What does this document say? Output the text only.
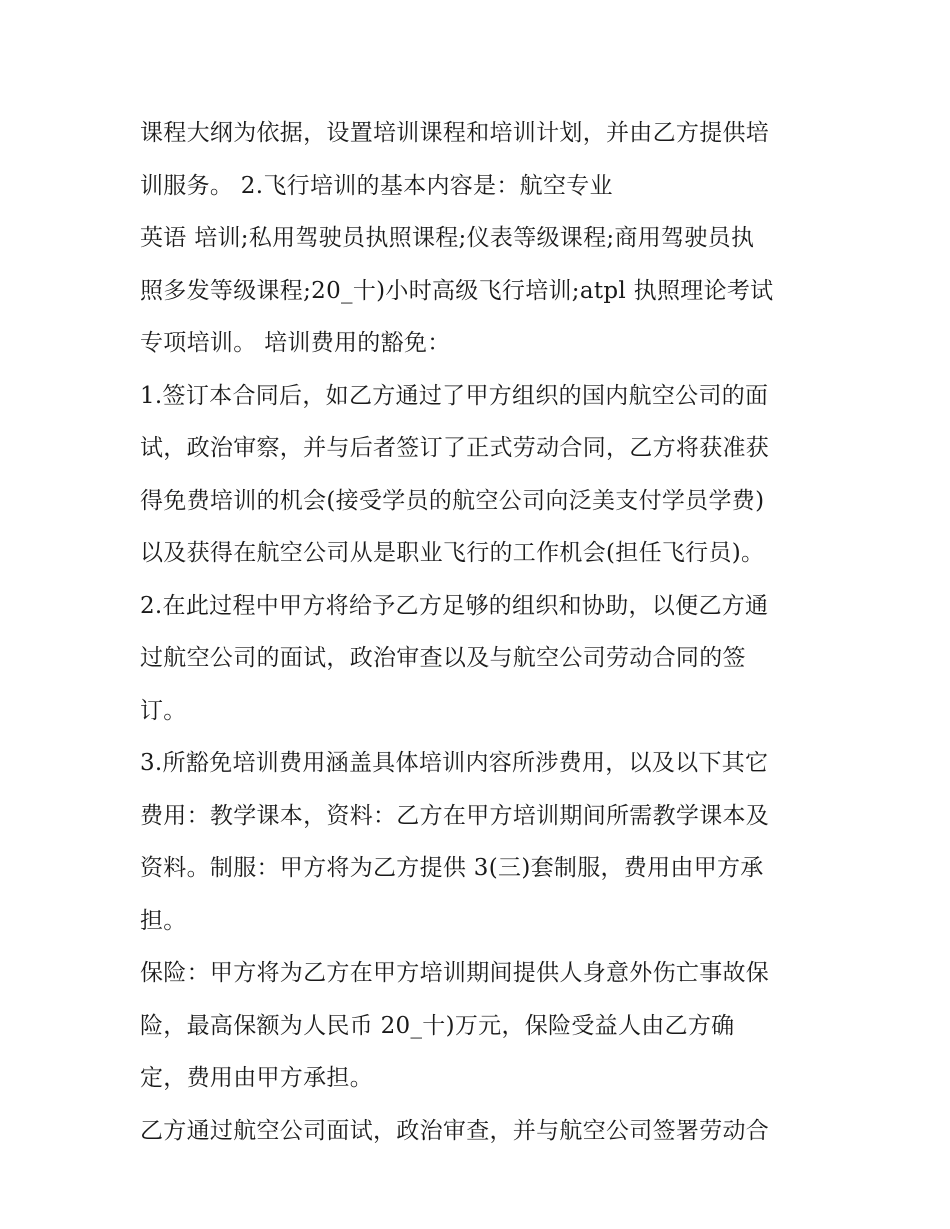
课程大纲为依据，设置培训课程和培训计划，并由乙方提供培
训服务。 2.飞行培训的基本内容是：航空专业
英语 培训;私用驾驶员执照课程;仪表等级课程;商用驾驶员执
照多发等级课程;20_十)小时高级飞行培训;atpl 执照理论考试
专项培训。 培训费用的豁免：
1.签订本合同后，如乙方通过了甲方组织的国内航空公司的面
试，政治审察，并与后者签订了正式劳动合同，乙方将获准获
得免费培训的机会(接受学员的航空公司向泛美支付学员学费)
以及获得在航空公司从是职业飞行的工作机会(担任飞行员)。
2.在此过程中甲方将给予乙方足够的组织和协助，以便乙方通
过航空公司的面试，政治审查以及与航空公司劳动合同的签
订。
3.所豁免培训费用涵盖具体培训内容所涉费用，以及以下其它
费用：教学课本，资料：乙方在甲方培训期间所需教学课本及
资料。制服：甲方将为乙方提供 3(三)套制服，费用由甲方承
担。
保险：甲方将为乙方在甲方培训期间提供人身意外伤亡事故保
险，最高保额为人民币 20_十)万元，保险受益人由乙方确
定，费用由甲方承担。
乙方通过航空公司面试，政治审查，并与航空公司签署劳动合
